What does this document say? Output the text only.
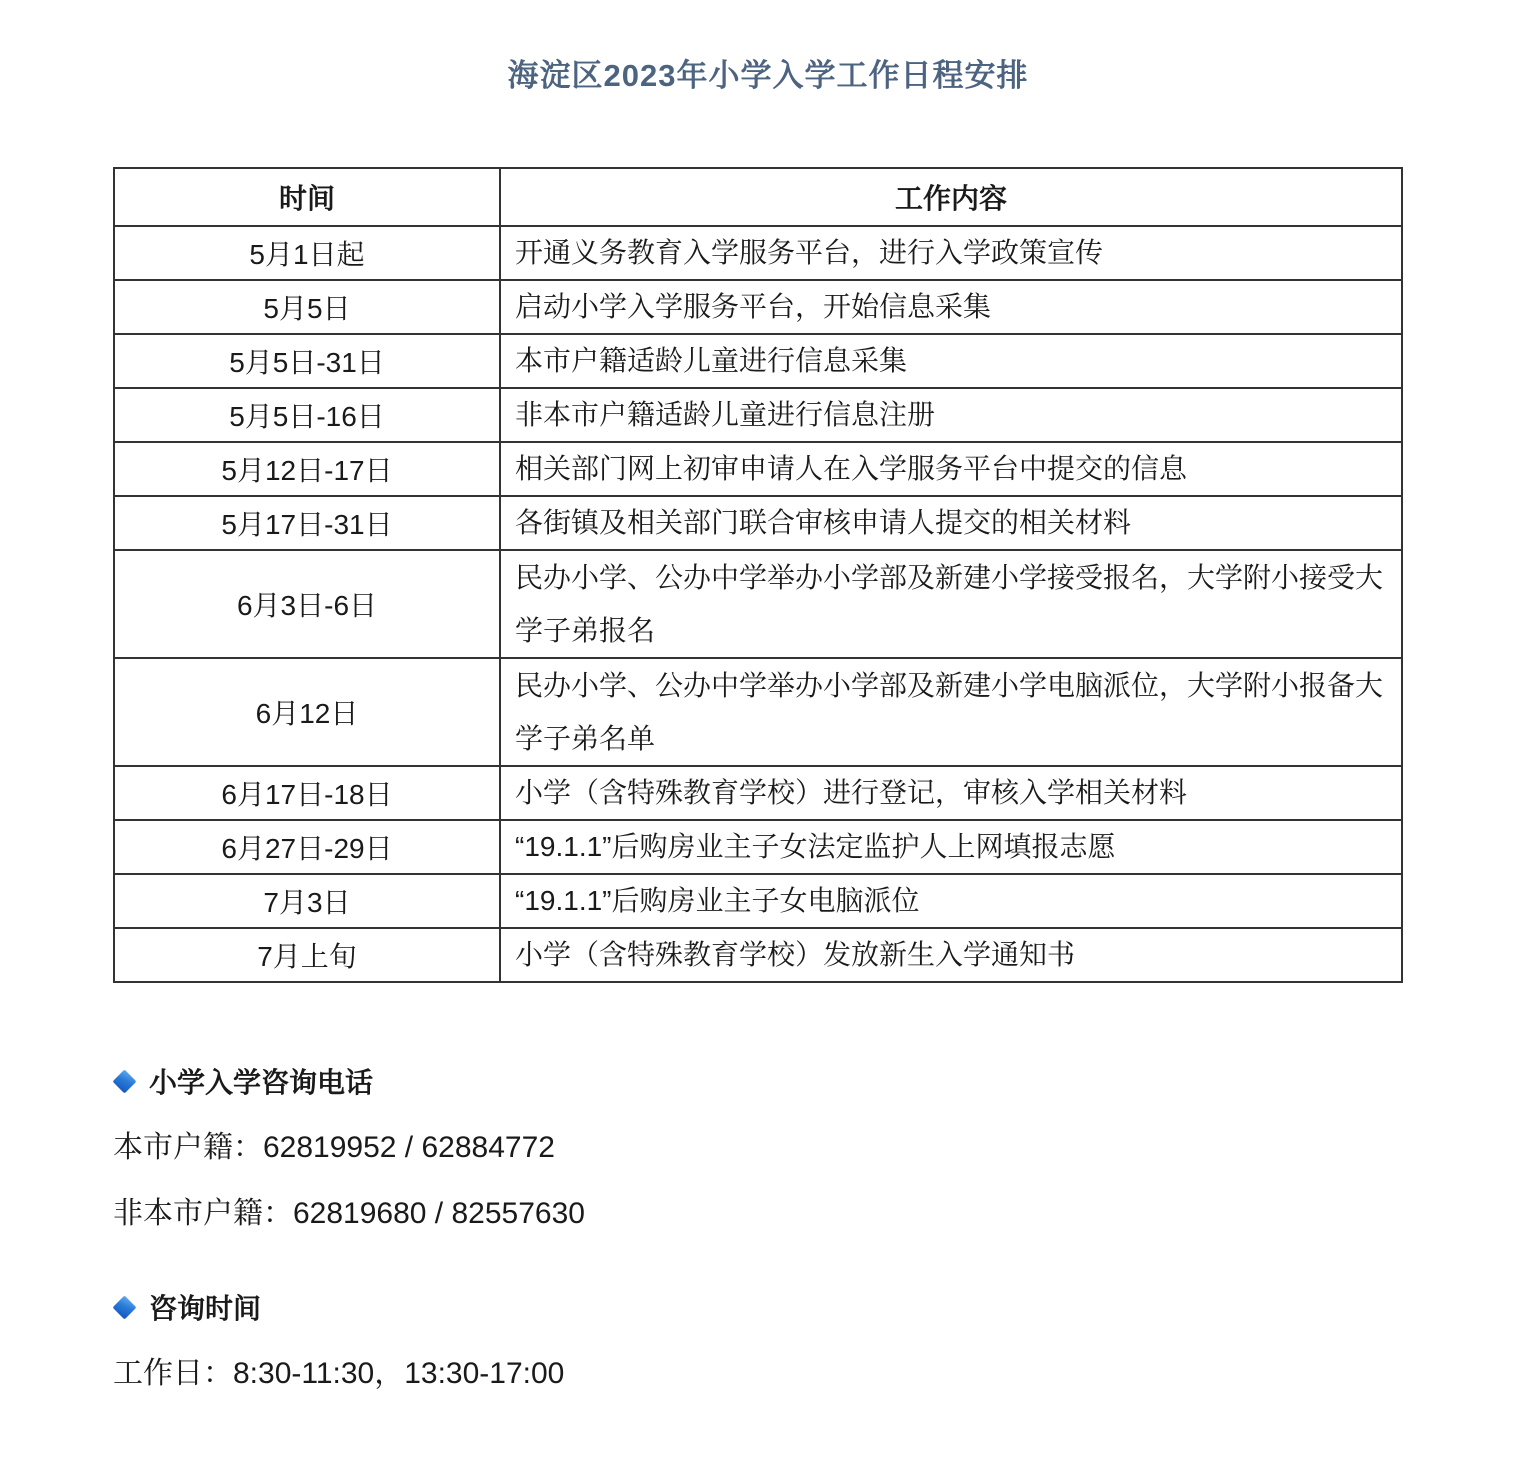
海淀区2023年小学入学工作日程安排
时间	工作内容
5月1日起	开通义务教育入学服务平台，进行入学政策宣传
5月5日	启动小学入学服务平台，开始信息采集
5月5日-31日	本市户籍适龄儿童进行信息采集
5月5日-16日	非本市户籍适龄儿童进行信息注册
5月12日-17日	相关部门网上初审申请人在入学服务平台中提交的信息
5月17日-31日	各街镇及相关部门联合审核申请人提交的相关材料
6月3日-6日	民办小学、公办中学举办小学部及新建小学接受报名，大学附小接受大学子弟报名
6月12日	民办小学、公办中学举办小学部及新建小学电脑派位，大学附小报备大学子弟名单
6月17日-18日	小学（含特殊教育学校）进行登记，审核入学相关材料
6月27日-29日	“19.1.1”后购房业主子女法定监护人上网填报志愿
7月3日	“19.1.1”后购房业主子女电脑派位
7月上旬	小学（含特殊教育学校）发放新生入学通知书
小学入学咨询电话

本市户籍：62819952 / 62884772

非本市户籍：62819680 / 82557630

咨询时间

工作日：8:30-11:30，13:30-17:00
